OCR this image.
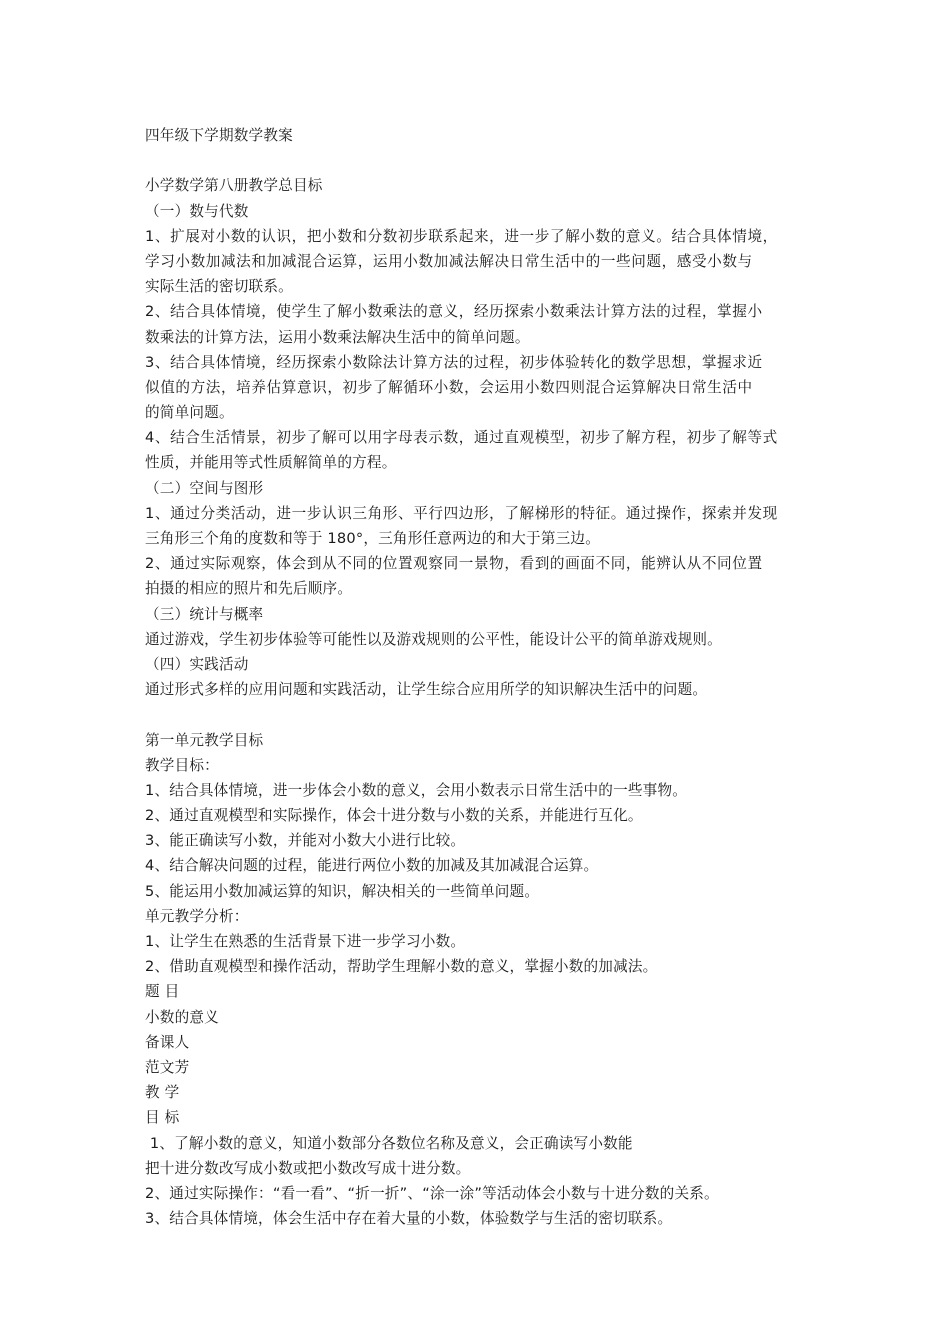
四年级下学期数学教案
小学数学第八册教学总目标
（一）数与代数
1、扩展对小数的认识，把小数和分数初步联系起来，进一步了解小数的意义。结合具体情境，
学习小数加减法和加减混合运算，运用小数加减法解决日常生活中的一些问题，感受小数与
实际生活的密切联系。
2、结合具体情境，使学生了解小数乘法的意义，经历探索小数乘法计算方法的过程，掌握小
数乘法的计算方法，运用小数乘法解决生活中的简单问题。
3、结合具体情境，经历探索小数除法计算方法的过程，初步体验转化的数学思想，掌握求近
似值的方法，培养估算意识，初步了解循环小数，会运用小数四则混合运算解决日常生活中
的简单问题。
4、结合生活情景，初步了解可以用字母表示数，通过直观模型，初步了解方程，初步了解等式
性质，并能用等式性质解简单的方程。
（二）空间与图形
1、通过分类活动，进一步认识三角形、平行四边形，了解梯形的特征。通过操作，探索并发现
三角形三个角的度数和等于 180°，三角形任意两边的和大于第三边。
2、通过实际观察，体会到从不同的位置观察同一景物，看到的画面不同，能辨认从不同位置
拍摄的相应的照片和先后顺序。
（三）统计与概率
通过游戏，学生初步体验等可能性以及游戏规则的公平性，能设计公平的简单游戏规则。
（四）实践活动
通过形式多样的应用问题和实践活动，让学生综合应用所学的知识解决生活中的问题。
第一单元教学目标
教学目标：
1、结合具体情境，进一步体会小数的意义，会用小数表示日常生活中的一些事物。
2、通过直观模型和实际操作，体会十进分数与小数的关系，并能进行互化。
3、能正确读写小数，并能对小数大小进行比较。
4、结合解决问题的过程，能进行两位小数的加减及其加减混合运算。
5、能运用小数加减运算的知识，解决相关的一些简单问题。
单元教学分析：
1、让学生在熟悉的生活背景下进一步学习小数。
2、借助直观模型和操作活动，帮助学生理解小数的意义，掌握小数的加减法。
题 目
小数的意义
备课人
范文芳
教 学
目 标
1、了解小数的意义，知道小数部分各数位名称及意义，会正确读写小数能
把十进分数改写成小数或把小数改写成十进分数。
2、通过实际操作：“看一看”、“折一折”、“涂一涂”等活动体会小数与十进分数的关系。
3、结合具体情境，体会生活中存在着大量的小数，体验数学与生活的密切联系。
